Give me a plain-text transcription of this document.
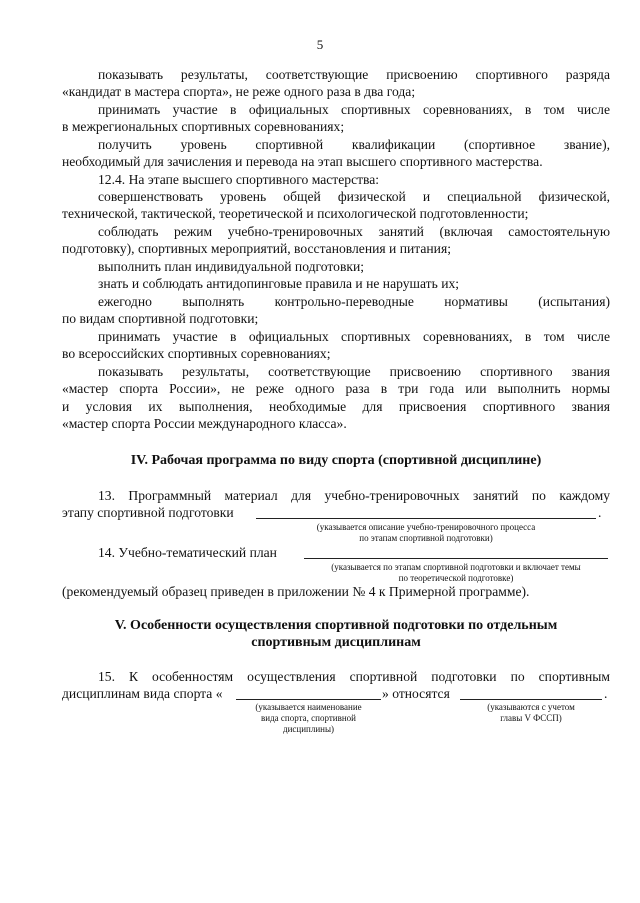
5
показывать результаты, соответствующие присвоению спортивного разряда
«кандидат в мастера спорта», не реже одного раза в два года;
принимать участие в официальных спортивных соревнованиях, в том числе
в межрегиональных спортивных соревнованиях;
получить уровень спортивной квалификации (спортивное звание),
необходимый для зачисления и перевода на этап высшего спортивного мастерства.
12.4. На этапе высшего спортивного мастерства:
совершенствовать уровень общей физической и специальной физической,
технической, тактической, теоретической и психологической подготовленности;
соблюдать режим учебно-тренировочных занятий (включая самостоятельную
подготовку), спортивных мероприятий, восстановления и питания;
выполнить план индивидуальной подготовки;
знать и соблюдать антидопинговые правила и не нарушать их;
ежегодно выполнять контрольно-переводные нормативы (испытания)
по видам спортивной подготовки;
принимать участие в официальных спортивных соревнованиях, в том числе
во всероссийских спортивных соревнованиях;
показывать результаты, соответствующие присвоению спортивного звания
«мастер спорта России», не реже одного раза в три года или выполнить нормы
и условия их выполнения, необходимые для присвоения спортивного звания
«мастер спорта России международного класса».
IV. Рабочая программа по виду спорта (спортивной дисциплине)
13. Программный материал для учебно-тренировочных занятий по каждому
этапу спортивной подготовки	.
(указывается описание учебно-тренировочного процесса
по этапам спортивной подготовки)
14. Учебно-тематический план
(указывается по этапам спортивной подготовки и включает темы
по теоретической подготовке)
(рекомендуемый образец приведен в приложении № 4 к Примерной программе).
V. Особенности осуществления спортивной подготовки по отдельным
спортивным дисциплинам
15. К особенностям осуществления спортивной подготовки по спортивным
дисциплинам вида спорта «	» относятся	.
(указывается наименование
вида спорта, спортивной
дисциплины)
(указываются с учетом
главы V ФССП)
